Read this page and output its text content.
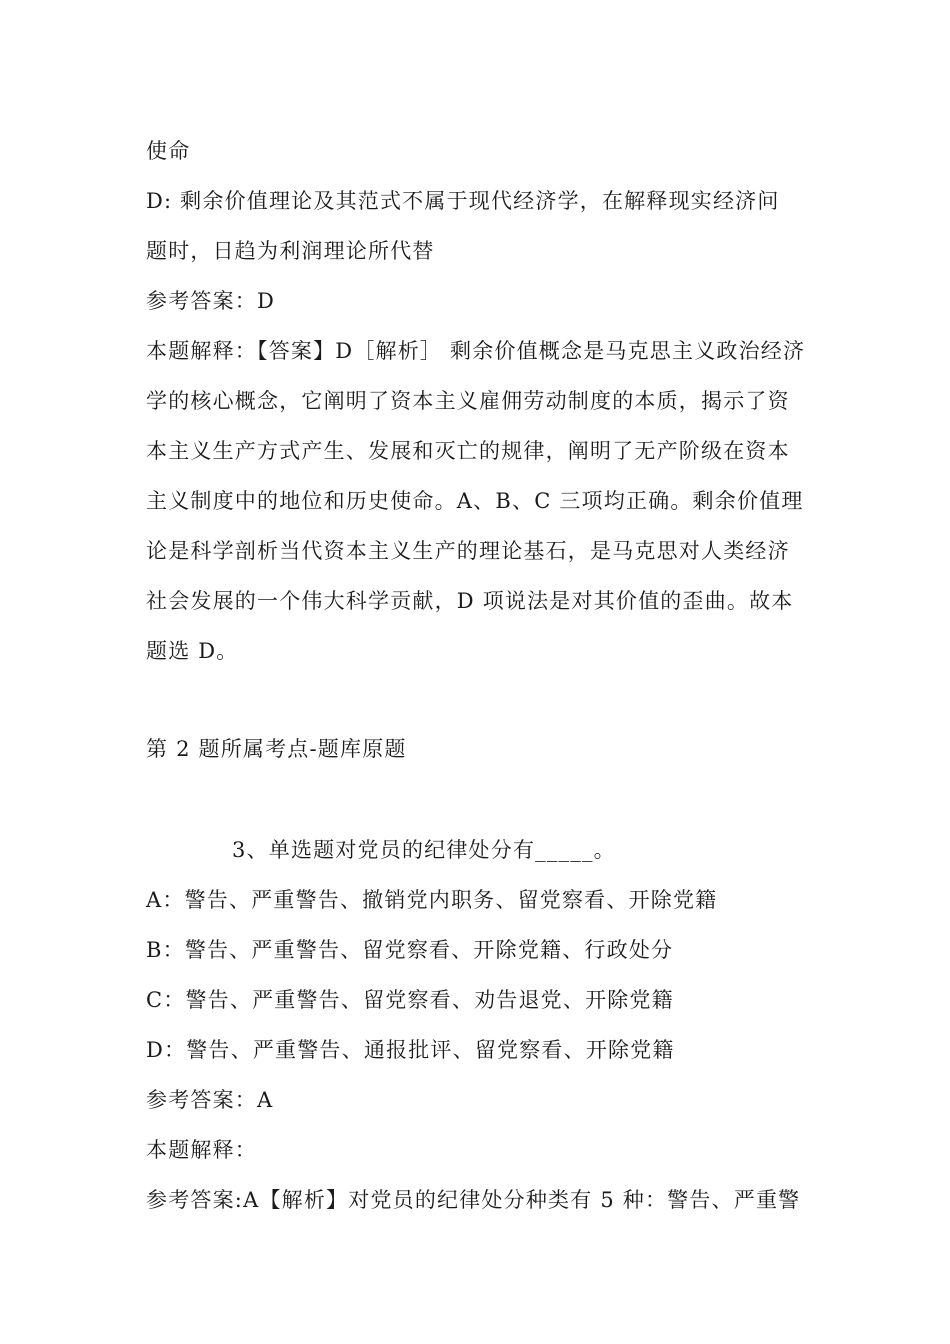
使命
D: 剩余价值理论及其范式不属于现代经济学，在解释现实经济问
题时，日趋为利润理论所代替
参考答案：D
本题解释：【答案】D［解析］ 剩余价值概念是马克思主义政治经济
学的核心概念，它阐明了资本主义雇佣劳动制度的本质，揭示了资
本主义生产方式产生、发展和灭亡的规律，阐明了无产阶级在资本
主义制度中的地位和历史使命。A、B、C 三项均正确。剩余价值理
论是科学剖析当代资本主义生产的理论基石，是马克思对人类经济
社会发展的一个伟大科学贡献，D 项说法是对其价值的歪曲。故本
题选 D。
第 2 题所属考点-题库原题
3、单选题对党员的纪律处分有_____。
A：警告、严重警告、撤销党内职务、留党察看、开除党籍
B：警告、严重警告、留党察看、开除党籍、行政处分
C：警告、严重警告、留党察看、劝告退党、开除党籍
D：警告、严重警告、通报批评、留党察看、开除党籍
参考答案：A
本题解释：
参考答案:A【解析】对党员的纪律处分种类有 5 种：警告、严重警
